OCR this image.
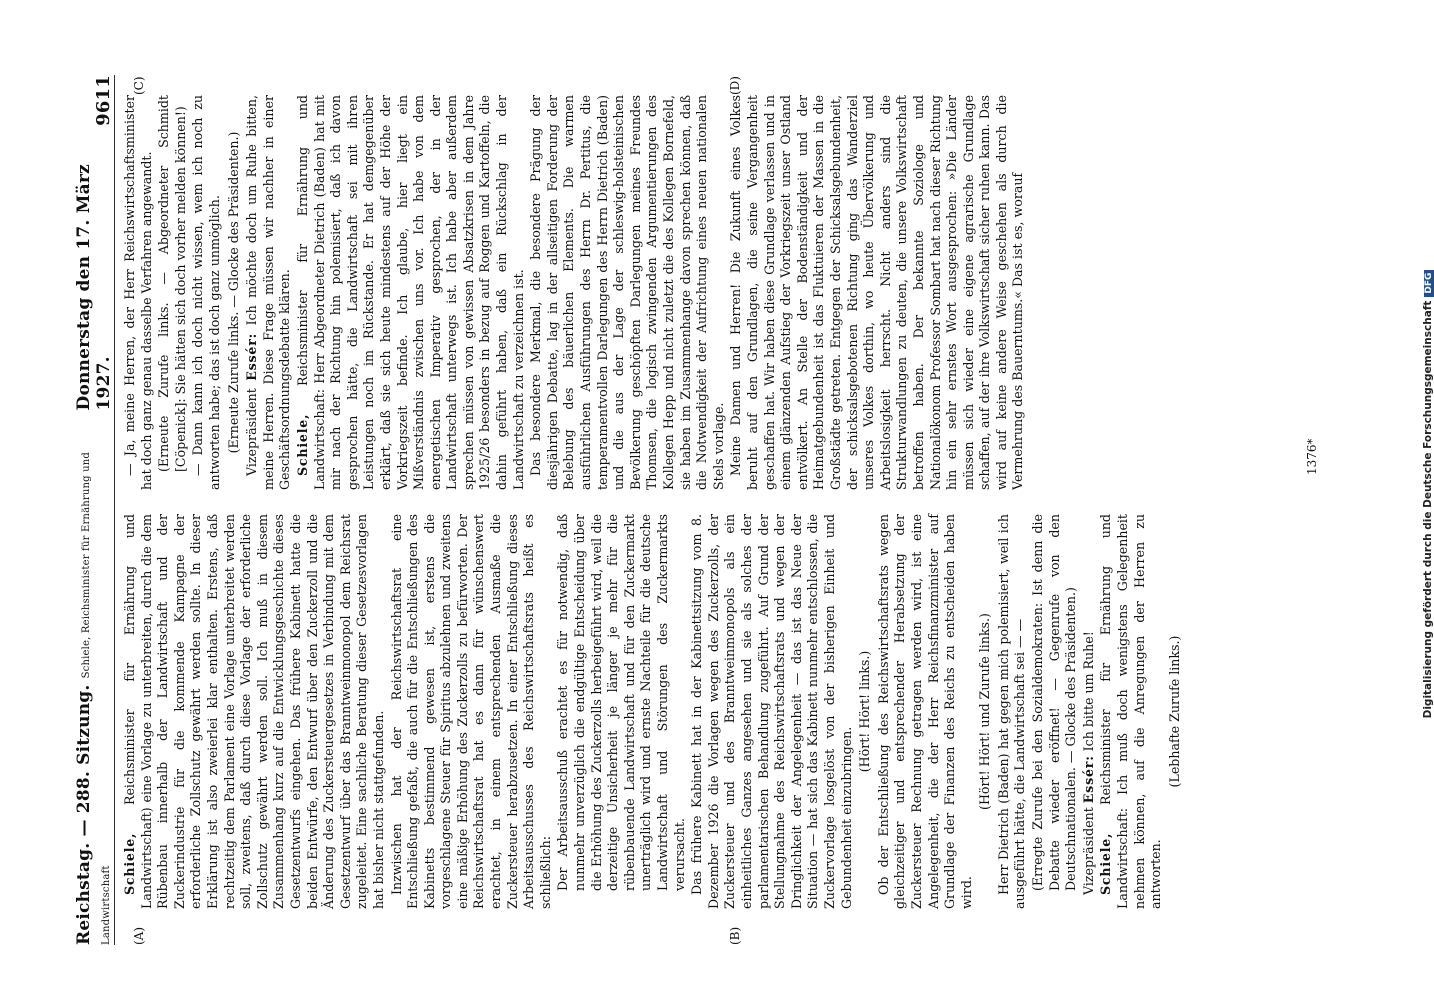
Reichstag. — 288. Sitzung. Schiele, Reichsminister für Ernährung und Landwirtschaft
Donnerstag den 17. März 1927.
9611
(A)	(B)
(C)	(D)

Schiele, Reichsminister für Ernährung und Landwirtschaft) eine Vorlage zu unterbreiten, durch die dem Rübenbau innerhalb der Landwirtschaft und der Zuckerindustrie für die kommende Kampagne der erforderliche Zollschutz gewährt werden sollte. In dieser Erklärung ist also zweierlei klar enthalten. Erstens, daß rechtzeitig dem Parlament eine Vorlage unterbreitet werden soll, zweitens, daß durch diese Vorlage der erforderliche Zollschutz gewährt werden soll. Ich muß in diesem Zusammenhang kurz auf die Entwicklungsgeschichte dieses Gesetzentwurfs eingehen. Das frühere Kabinett hatte die beiden Entwürfe, den Entwurf über den Zuckerzoll und die Änderung des Zuckersteuergesetzes in Verbindung mit dem Gesetzentwurf über das Branntweinmonopol dem Reichsrat zugeleitet. Eine sachliche Beratung dieser Gesetzesvorlagen hat bisher nicht stattgefunden. Inzwischen hat der Reichswirtschaftsrat eine Entschließung gefaßt, die auch für die Entschließungen des Kabinetts bestimmend gewesen ist, erstens die vorgeschlagene Steuer für Spiritus abzulehnen und zweitens eine mäßige Erhöhung des Zuckerzolls zu befürworten. Der Reichswirtschaftsrat hat es dann für wünschenswert erachtet, in einem entsprechenden Ausmaße die Zuckersteuer herabzusetzen. In einer Entschließung dieses Arbeitsausschusses des Reichswirtschaftsrats heißt es schließlich: Der Arbeitsausschuß erachtet es für notwendig, daß nunmehr unverzüglich die endgültige Entscheidung über die Erhöhung des Zuckerzolls herbeigeführt wird, weil die derzeitige Unsicherheit je länger je mehr für die rübenbauende Landwirtschaft und für den Zuckermarkt unerträglich wird und ernste Nachteile für die deutsche Landwirtschaft und Störungen des Zuckermarkts verursacht. Das frühere Kabinett hat in der Kabinettsitzung vom 8. Dezember 1926 die Vorlagen wegen des Zuckerzolls, der Zuckersteuer und des Branntweinmonopols als ein einheitliches Ganzes angesehen und sie als solches der parlamentarischen Behandlung zugeführt. Auf Grund der Stellungnahme des Reichswirtschaftsrats und wegen der Dringlichkeit der Angelegenheit — das ist das Neue der Situation — hat sich das Kabinett nunmehr entschlossen, die Zuckervorlage losgelöst von der bisherigen Einheit und Gebundenheit einzubringen.

(Hört! Hört! links.) Ob der Entschließung des Reichswirtschaftsrats wegen gleichzeitiger und entsprechender Herabsetzung der Zuckersteuer Rechnung getragen werden wird, ist eine Angelegenheit, die der Herr Reichsfinanzminister auf Grundlage der Finanzen des Reichs zu entscheiden haben wird.

(Hört! Hört! und Zurufe links.) Herr Dietrich (Baden) hat gegen mich polemisiert, weil ich ausgeführt hätte, die Landwirtschaft sei — — (Erregte Zurufe bei den Sozialdemokraten: Ist denn die Debatte wieder eröffnet! — Gegenrufe von den Deutschnationalen. — Glocke des Präsidenten.) Vizepräsident Essér: Ich bitte um Ruhe!

Schiele, Reichsminister für Ernährung und Landwirtschaft: Ich muß doch wenigstens Gelegenheit nehmen können, auf die Anregungen der Herren zu antworten.

(Lebhafte Zurufe links.)

— Ja, meine Herren, der Herr Reichswirtschaftsminister hat doch ganz genau dasselbe Verfahren angewandt. (Erneute Zurufe links. — Abgeordneter Schmidt [Cöpenick]: Sie hätten sich doch vorher melden können!) — Dann kann ich doch nicht wissen, wem ich noch zu antworten habe; das ist doch ganz unmöglich. (Erneute Zurufe links. — Glocke des Präsidenten.) Vizepräsident Essér: Ich möchte doch um Ruhe bitten, meine Herren. Diese Frage müssen wir nachher in einer Geschäftsordnungsdebatte klären. Schiele, Reichsminister für Ernährung und Landwirtschaft: Herr Abgeordneter Dietrich (Baden) hat mit mir nach der Richtung hin polemisiert, daß ich davon gesprochen hätte, die Landwirtschaft sei mit ihren Leistungen noch im Rückstande. Er hat demgegenüber erklärt, daß sie sich heute mindestens auf der Höhe der Vorkriegszeit befinde. Ich glaube, hier liegt ein Mißverständnis zwischen uns vor. Ich habe von dem energetischen Imperativ gesprochen, der in der Landwirtschaft unterwegs ist. Ich habe aber außerdem sprechen müssen von gewissen Absatzkrisen in dem Jahre 1925/26 besonders in bezug auf Roggen und Kartoffeln, die dahin geführt haben, daß ein Rückschlag in der Landwirtschaft zu verzeichnen ist. Das besondere Merkmal, die besondere Prägung der diesjährigen Debatte, lag in der allseitigen Forderung der Belebung des bäuerlichen Elements. Die warmen ausführlichen Ausführungen des Herrn Dr. Pertitus, die temperamentvollen Darlegungen des Herrn Dietrich (Baden) und die aus der Lage der schleswig-holsteinischen Bevölkerung geschöpften Darlegungen meines Freundes Thomsen, die logisch zwingenden Argumentierungen des Kollegen Hepp und nicht zuletzt die des Kollegen Bornefeld, sie haben im Zusammenhange davon sprechen können, daß die Notwendigkeit der Aufrichtung eines neuen nationalen Stels vorlage. Meine Damen und Herren! Die Zukunft eines Volkes beruht auf den Grundlagen, die seine Vergangenheit geschaffen hat. Wir haben diese Grundlage verlassen und in einem glänzenden Aufstieg der Vorkriegszeit unser Ostland entvölkert. An Stelle der Bodenständigkeit und der Heimatgebundenheit ist das Fluktuieren der Massen in die Großstädte getreten. Entgegen der Schicksalsgebundenheit, der schicksalsgebotenen Richtung ging das Wanderziel unseres Volkes dorthin, wo heute Übervölkerung und Arbeitslosigkeit herrscht. Nicht anders sind die Strukturwandlungen zu deuten, die unsere Volkswirtschaft betroffen haben. Der bekannte Soziologe und Nationalökonom Professor Sombart hat nach dieser Richtung hin ein sehr ernstes Wort ausgesprochen: »Die Länder müssen sich wieder eine eigene agrarische Grundlage schaffen, auf der ihre Volkswirtschaft sicher ruhen kann. Das wird auf keine andere Weise geschehen als durch die Vermehrung des Bauerntums.« Das ist es, worauf	1376*	Digitalisierung gefördert durch die Deutsche ForschungsgemeinschaftDFG
